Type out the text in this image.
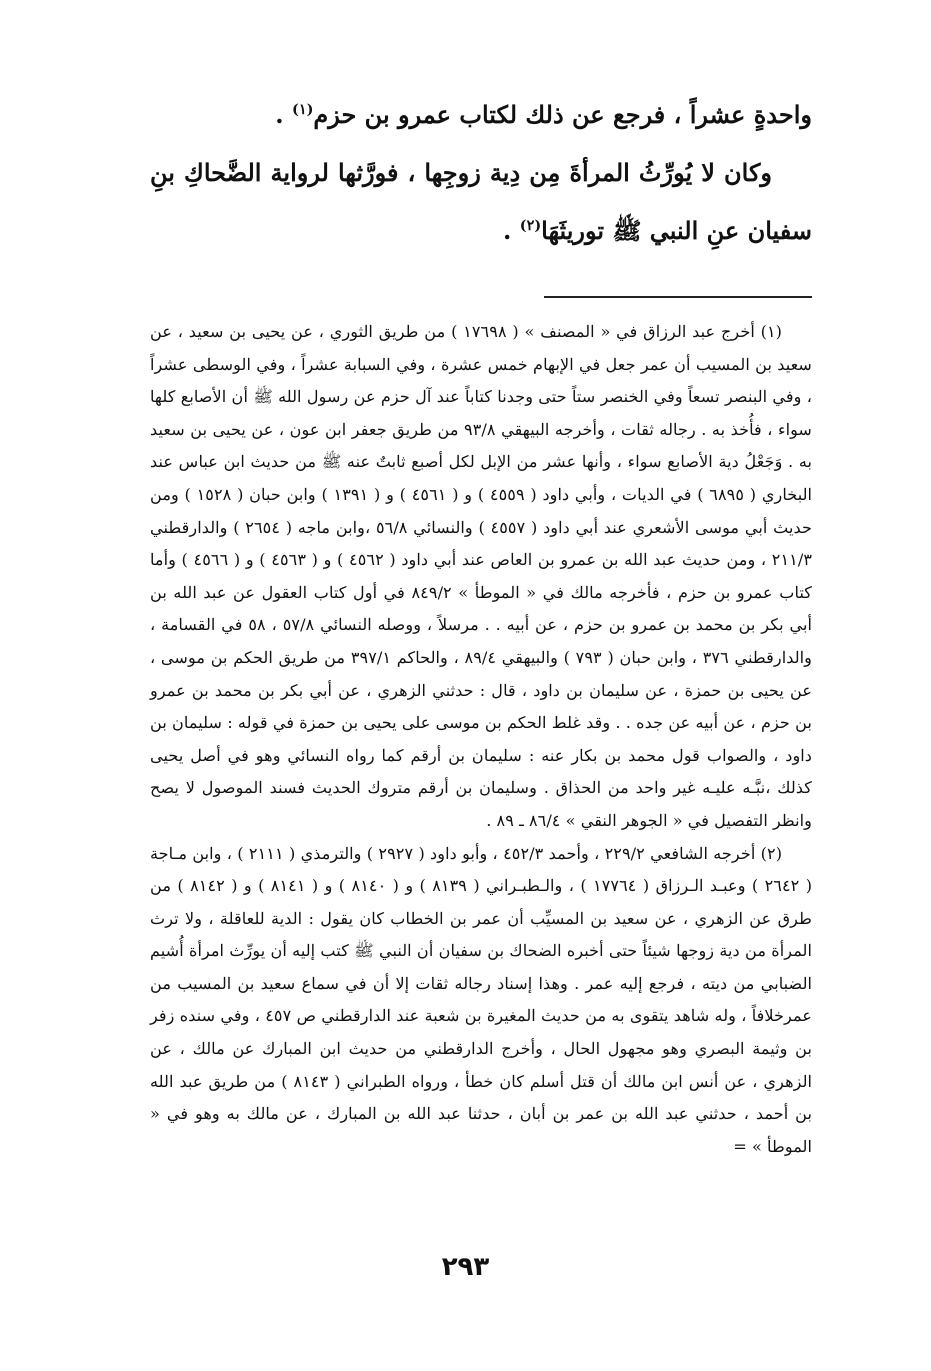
واحدةٍ عشراً ، فرجع عن ذلك لكتاب عمرو بن حزم$^{(١)}$ .

وكان لا يُورِّثُ المرأةَ مِن دِية زوجِها ، فورَّثها لرواية الضَّحاكِ بنِ سفيان عنِ النبي ﷺ توريثَهَا$^{(٢)}$ .

(١) أخرج عبد الرزاق في « المصنف » ( ١٧٦٩٨ ) من طريق الثوري ، عن يحيى بن سعيد ، عن سعيد بن المسيب أن عمر جعل في الإبهام خمس عشرة ، وفي السبابة عشراً ، وفي الوسطى عشراً ، وفي البنصر تسعاً وفي الخنصر ستاً حتى وجدنا كتاباً عند آل حزم عن رسول الله ﷺ أن الأصابع كلها سواء ، فأُخذ به . رجاله ثقات ، وأخرجه البيهقي ٩٣/٨ من طريق جعفر ابن عون ، عن يحيى بن سعيد به . وَجَعْلُ دية الأصابع سواء ، وأنها عشر من الإبل لكل أصبع ثابتٌ عنه ﷺ من حديث ابن عباس عند البخاري ( ٦٨٩٥ ) في الديات ، وأبي داود ( ٤٥٥٩ ) و ( ٤٥٦١ ) و ( ١٣٩١ ) وابن حبان ( ١٥٢٨ ) ومن حديث أبي موسى الأشعري عند أبي داود ( ٤٥٥٧ ) والنسائي ٥٦/٨ ،وابن ماجه ( ٢٦٥٤ ) والدارقطني ٢١١/٣ ، ومن حديث عبد الله بن عمرو بن العاص عند أبي داود ( ٤٥٦٢ ) و ( ٤٥٦٣ ) و ( ٤٥٦٦ ) وأما كتاب عمرو بن حزم ، فأخرجه مالك في « الموطأ » ٨٤٩/٢ في أول كتاب العقول عن عبد الله بن أبي بكر بن محمد بن عمرو بن حزم ، عن أبيه . . مرسلاً ، ووصله النسائي ٥٧/٨ ، ٥٨ في القسامة ، والدارقطني ٣٧٦ ، وابن حبان ( ٧٩٣ ) والبيهقي ٨٩/٤ ، والحاكم ٣٩٧/١ من طريق الحكم بن موسى ، عن يحيى بن حمزة ، عن سليمان بن داود ، قال : حدثني الزهري ، عن أبي بكر بن محمد بن عمرو بن حزم ، عن أبيه عن جده . . وقد غلط الحكم بن موسى على يحيى بن حمزة في قوله : سليمان بن داود ، والصواب قول محمد بن بكار عنه : سليمان بن أرقم كما رواه النسائي وهو في أصل يحيى كذلك ،نبَّـه عليـه غير واحد من الحذاق . وسليمان بن أرقم متروك الحديث فسند الموصول لا يصح وانظر التفصيل في « الجوهر النقي » ٨٦/٤ ـ ٨٩ .

(٢) أخرجه الشافعي ٢٢٩/٢ ، وأحمد ٤٥٢/٣ ، وأبو داود ( ٢٩٢٧ ) والترمذي ( ٢١١١ ) ، وابن مـاجة ( ٢٦٤٢ ) وعبـد الـرزاق ( ١٧٧٦٤ ) ، والـطبـراني ( ٨١٣٩ ) و ( ٨١٤٠ ) و ( ٨١٤١ ) و ( ٨١٤٢ ) من طرق عن الزهري ، عن سعيد بن المسيِّب أن عمر بن الخطاب كان يقول : الدية للعاقلة ، ولا ترث المرأة من دية زوجها شيئاً حتى أخبره الضحاك بن سفيان أن النبي ﷺ كتب إليه أن يورِّث امرأة أُشيم الضبابي من ديته ، فرجع إليه عمر . وهذا إسناد رجاله ثقات إلا أن في سماع سعيد بن المسيب من عمرخلافاً ، وله شاهد يتقوى به من حديث المغيرة بن شعبة عند الدارقطني ص ٤٥٧ ، وفي سنده زفر بن وثيمة البصري وهو مجهول الحال ، وأخرج الدارقطني من حديث ابن المبارك عن مالك ، عن الزهري ، عن أنس ابن مالك أن قتل أسلم كان خطأ ، ورواه الطبراني ( ٨١٤٣ ) من طريق عبد الله بن أحمد ، حدثني عبد الله بن عمر بن أبان ، حدثنا عبد الله بن المبارك ، عن مالك به وهو في « الموطأ » =

٢٩٣
